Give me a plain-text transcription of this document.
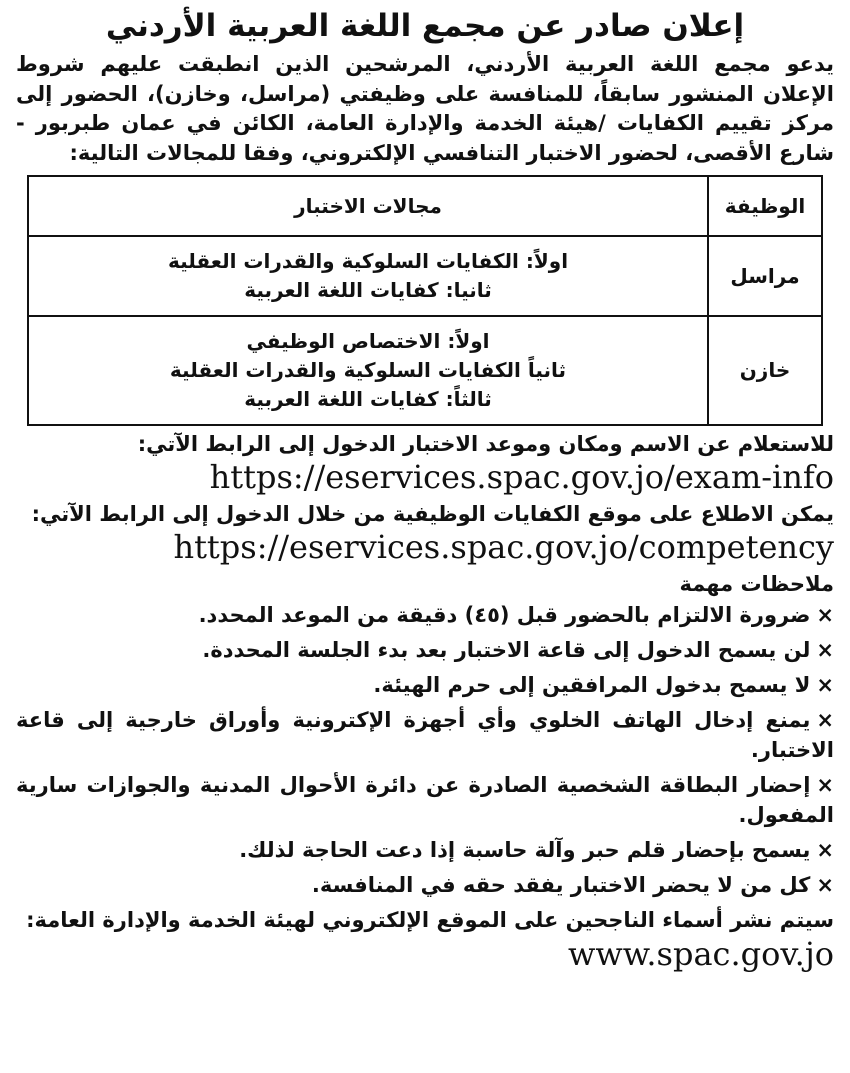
إعلان صادر عن مجمع اللغة العربية الأردني

يدعو مجمع اللغة العربية الأردني، المرشحين الذين انطبقت عليهم شروط الإعلان المنشور سابقاً، للمنافسة على وظيفتي (مراسل، وخازن)، الحضور إلى مركز تقييم الكفايات /هيئة الخدمة والإدارة العامة، الكائن في عمان طبربور - شارع الأقصى، لحضور الاختبار التنافسي الإلكتروني، وفقا للمجالات التالية:

الوظيفة	مجالات الاختبار
مراسل	اولاً: الكفايات السلوكية والقدرات العقلية
ثانيا: كفايات اللغة العربية

خازن	اولاً: الاختصاص الوظيفي
ثانياً الكفايات السلوكية والقدرات العقلية
ثالثاً: كفايات اللغة العربية

للاستعلام عن الاسم ومكان وموعد الاختبار الدخول إلى الرابط الآتي:

https://eservices.spac.gov.jo/exam-info

يمكن الاطلاع على موقع الكفايات الوظيفية من خلال الدخول إلى الرابط الآتي:

https://eservices.spac.gov.jo/competency

ملاحظات مهمة

×ضرورة الالتزام بالحضور قبل (٤٥) دقيقة من الموعد المحدد.
×لن يسمح الدخول إلى قاعة الاختبار بعد بدء الجلسة المحددة.
×لا يسمح بدخول المرافقين إلى حرم الهيئة.
×يمنع إدخال الهاتف الخلوي وأي أجهزة الإكترونية وأوراق خارجية إلى قاعة الاختبار.
×إحضار البطاقة الشخصية الصادرة عن دائرة الأحوال المدنية والجوازات سارية المفعول.
×يسمح بإحضار قلم حبر وآلة حاسبة إذا دعت الحاجة لذلك.
×كل من لا يحضر الاختبار يفقد حقه في المنافسة.

سيتم نشر أسماء الناجحين على الموقع الإلكتروني لهيئة الخدمة والإدارة العامة:

www.spac.gov.jo
